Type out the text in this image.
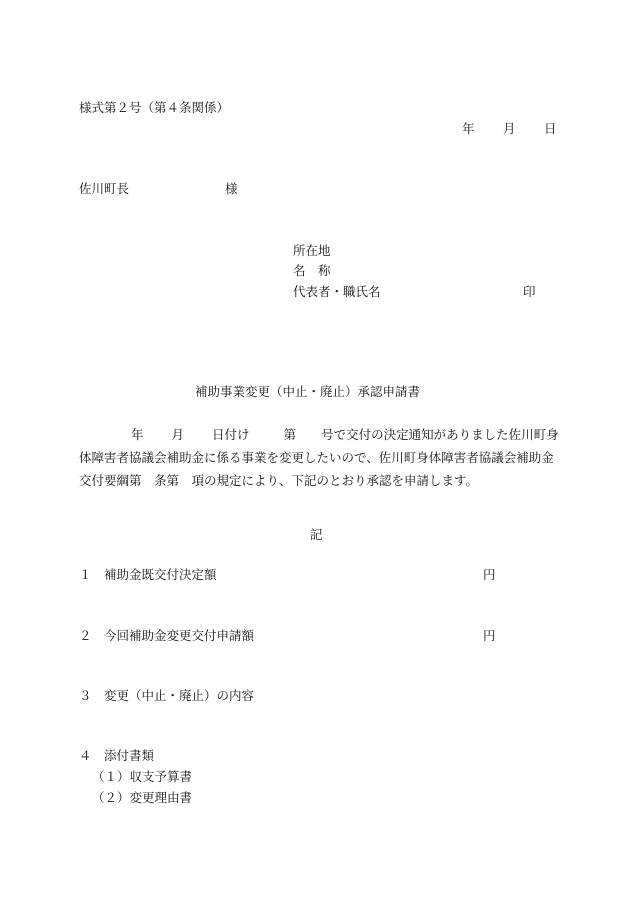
様式第２号（第４条関係）
年 月 日
佐川町長	様
所在地
名　称
代表者・職氏名	印
補助事業変更（中止・廃止）承認申請書
年 月 日付け	第 号で交付の決定通知がありました佐川町身体障害者協議会補助金に係る事業を変更したいので、佐川町身体障害者協議会補助金交付要綱第　条第　項の規定により、下記のとおり承認を申請します。
記
１ 補助金既交付決定額	円
２ 今回補助金変更交付申請額	円
３ 変更（中止・廃止）の内容
４ 添付書類
（１）収支予算書
（２）変更理由書
